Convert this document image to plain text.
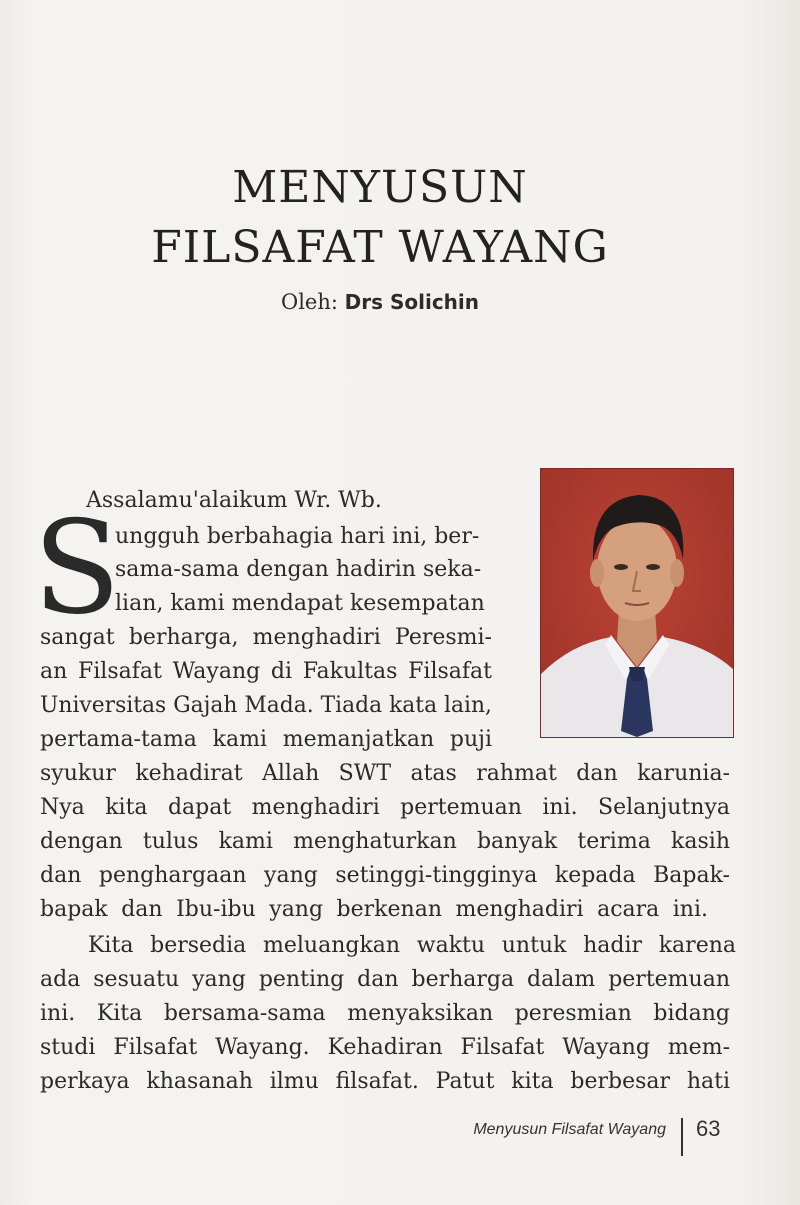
MENYUSUN
FILSAFAT WAYANG
Oleh: Drs Solichin
Assalamu'alaikum Wr. Wb.
S
ungguh berbahagia hari ini, ber-
sama-sama dengan hadirin seka-
lian, kami mendapat kesempatan
sangat berharga, menghadiri Peresmi-
an Filsafat Wayang di Fakultas Filsafat
Universitas Gajah Mada. Tiada kata lain,
pertama-tama kami memanjatkan puji
syukur kehadirat Allah SWT atas rahmat dan karunia-
Nya kita dapat menghadiri pertemuan ini. Selanjutnya
dengan tulus kami menghaturkan banyak terima kasih
dan penghargaan yang setinggi-tingginya kepada Bapak-
bapak dan Ibu-ibu yang berkenan menghadiri acara ini.
Kita bersedia meluangkan waktu untuk hadir karena
ada sesuatu yang penting dan berharga dalam pertemuan
ini. Kita bersama-sama menyaksikan peresmian bidang
studi Filsafat Wayang. Kehadiran Filsafat Wayang mem-
perkaya khasanah ilmu filsafat. Patut kita berbesar hati
Menyusun Filsafat Wayang 63
